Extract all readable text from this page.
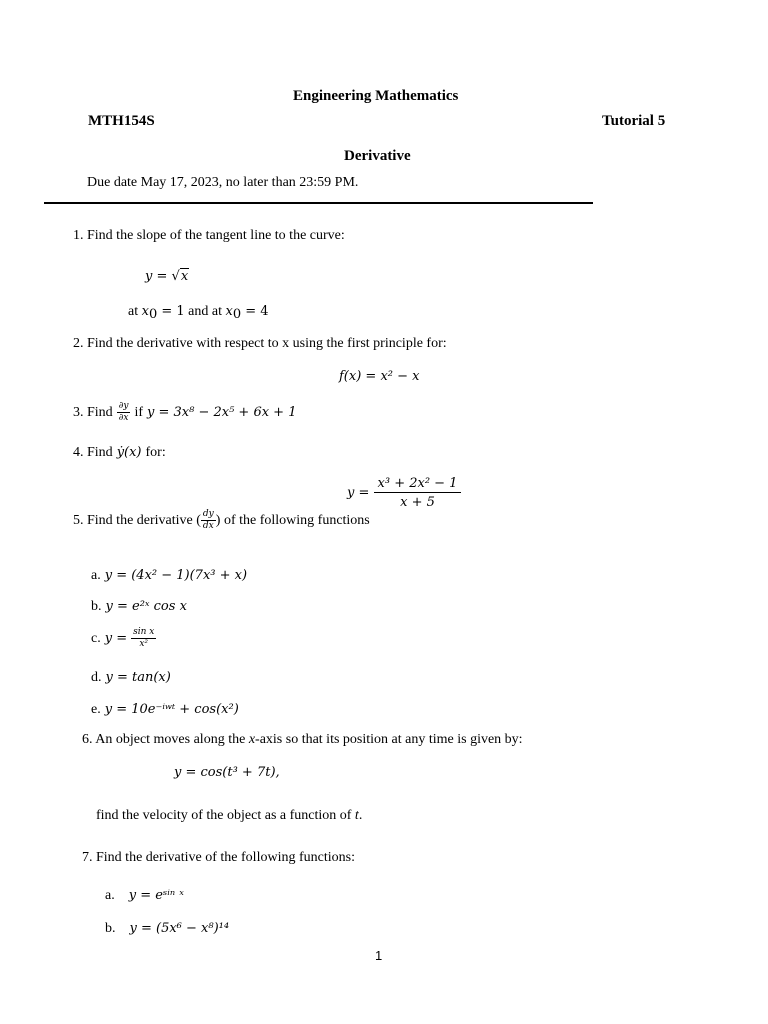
Engineering Mathematics
MTH154S	Tutorial 5
Derivative
Due date May 17, 2023, no later than 23:59 PM.
1. Find the slope of the tangent line to the curve:
y = √x
at $x_0 = 1$ and at $x_0 = 4$
2. Find the derivative with respect to x using the first principle for:
f(x) = x² − x
3. Find $\frac{\partial y}{\partial x}$ if y = 3x⁸ − 2x⁵ + 6x + 1
4. Find ẏ(x) for:
$y = \frac{\text{x³ + 2x² − 1}}{x + 5}$
5. Find the derivative ( $\frac{dy}{dx}$ ) of the following functions
a. y = (4x² − 1)(7x³ + x)
b. y = e²ˣ cos x
c. $y = \frac{\text{sin x}}{\text{x²}}$
d. y = tan(x)
e. y = 10e⁻ⁱʷᵗ + cos(x²)
6. An object moves along the x-axis so that its position at any time is given by:
y = cos(t³ + 7t),
find the velocity of the object as a function of t.
7. Find the derivative of the following functions:
a. y = eˢⁱⁿ ˣ
b. y = (5x⁶ − x⁸)¹⁴
1
